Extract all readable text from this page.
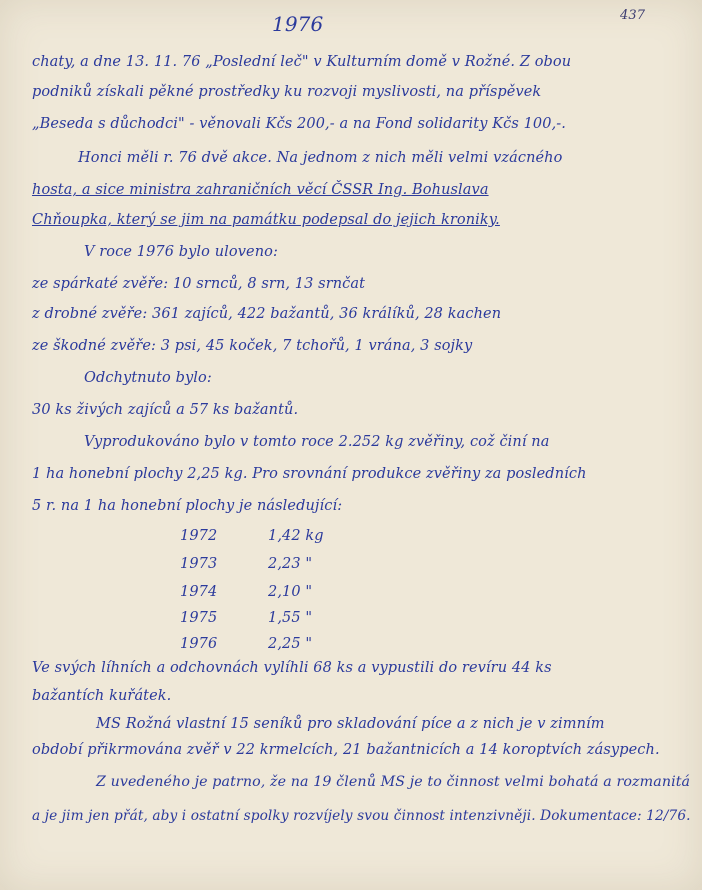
437
1976
chaty, a dne 13. 11. 76 „Poslední leč" v Kulturním domě v Rožné. Z obou
podniků získali pěkné prostředky ku rozvoji myslivosti, na příspěvek
„Beseda s důchodci" - věnovali Kčs 200,- a na Fond solidarity Kčs 100,-.
Honci měli r. 76 dvě akce. Na jednom z nich měli velmi vzácného
hosta, a sice ministra zahraničních věcí ČSSR Ing. Bohuslava
Chňoupka, který se jim na památku podepsal do jejich kroniky.
V roce 1976 bylo uloveno:
ze spárkaté zvěře: 10 srnců, 8 srn, 13 srnčat
z drobné zvěře: 361 zajíců, 422 bažantů, 36 králíků, 28 kachen
ze škodné zvěře: 3 psi, 45 koček, 7 tchořů, 1 vrána, 3 sojky
Odchytnuto bylo:
30 ks živých zajíců a 57 ks bažantů.
Vyprodukováno bylo v tomto roce 2.252 kg zvěřiny, což činí na
1 ha honební plochy 2,25 kg. Pro srovnání produkce zvěřiny za posledních
5 r. na 1 ha honební plochy je následující:
1972	1,42 kg
1973	2,23 "
1974	2,10 "
1975	1,55 "
1976	2,25 "
Ve svých líhních a odchovnách vylíhli 68 ks a vypustili do revíru 44 ks
bažantích kuřátek.
MS Rožná vlastní 15 seníků pro skladování píce a z nich je v zimním
období přikrmována zvěř v 22 krmelcích, 21 bažantnicích a 14 koroptvích zásypech.
Z uvedeného je patrno, že na 19 členů MS je to činnost velmi bohatá a rozmanitá
a je jim jen přát, aby i ostatní spolky rozvíjely svou činnost intenzivněji. Dokumentace: 12/76.
